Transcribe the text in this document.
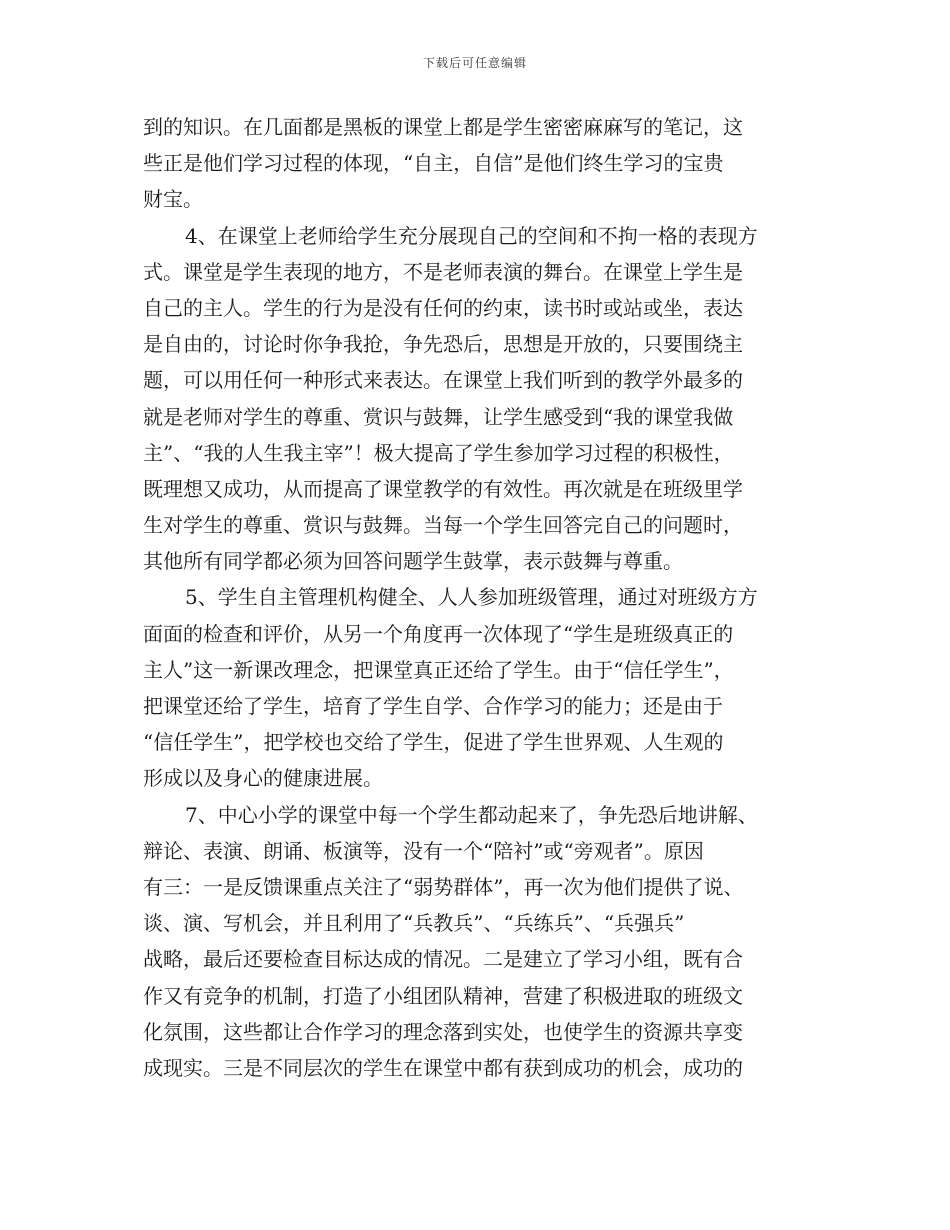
下载后可任意编辑
到的知识。在几面都是黑板的课堂上都是学生密密麻麻写的笔记，这
些正是他们学习过程的体现，“自主，自信”是他们终生学习的宝贵
财宝。
4、在课堂上老师给学生充分展现自己的空间和不拘一格的表现方
式。课堂是学生表现的地方，不是老师表演的舞台。在课堂上学生是
自己的主人。学生的行为是没有任何的约束，读书时或站或坐，表达
是自由的，讨论时你争我抢，争先恐后，思想是开放的，只要围绕主
题，可以用任何一种形式来表达。在课堂上我们听到的教学外最多的
就是老师对学生的尊重、赏识与鼓舞，让学生感受到“我的课堂我做
主”、“我的人生我主宰”！极大提高了学生参加学习过程的积极性，
既理想又成功，从而提高了课堂教学的有效性。再次就是在班级里学
生对学生的尊重、赏识与鼓舞。当每一个学生回答完自己的问题时，
其他所有同学都必须为回答问题学生鼓掌，表示鼓舞与尊重。
5、学生自主管理机构健全、人人参加班级管理，通过对班级方方
面面的检查和评价，从另一个角度再一次体现了“学生是班级真正的
主人”这一新课改理念，把课堂真正还给了学生。由于“信任学生”，
把课堂还给了学生，培育了学生自学、合作学习的能力；还是由于
“信任学生”，把学校也交给了学生，促进了学生世界观、人生观的
形成以及身心的健康进展。
7、中心小学的课堂中每一个学生都动起来了，争先恐后地讲解、
辩论、表演、朗诵、板演等，没有一个“陪衬”或“旁观者”。原因
有三：一是反馈课重点关注了“弱势群体”，再一次为他们提供了说、
谈、演、写机会，并且利用了“兵教兵”、“兵练兵”、“兵强兵”
战略，最后还要检查目标达成的情况。二是建立了学习小组，既有合
作又有竞争的机制，打造了小组团队精神，营建了积极进取的班级文
化氛围，这些都让合作学习的理念落到实处，也使学生的资源共享变
成现实。三是不同层次的学生在课堂中都有获到成功的机会，成功的
